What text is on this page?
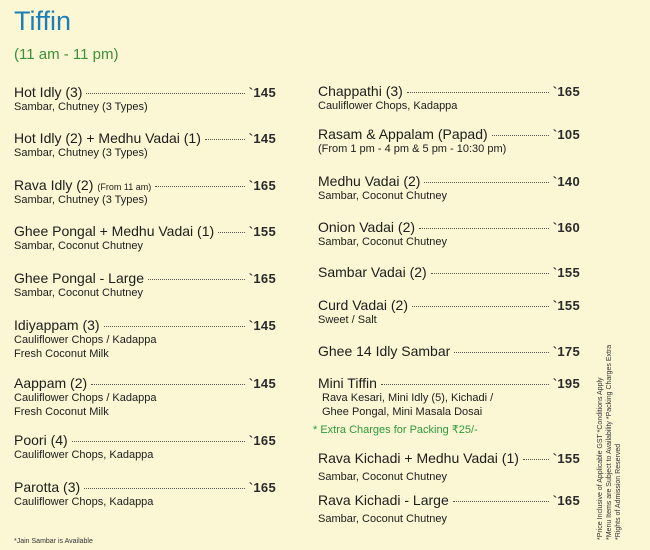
Tiffin
(11 am - 11 pm)
Hot Idly (3)	`145
Sambar, Chutney (3 Types)
Hot Idly (2) + Medhu Vadai (1)	`145
Sambar, Chutney (3 Types)
Rava Idly (2) (From 11 am)	`165
Sambar, Chutney (3 Types)
Ghee Pongal + Medhu Vadai (1)	`155
Sambar, Coconut Chutney
Ghee Pongal - Large	`165
Sambar, Coconut Chutney
Idiyappam (3)	`145
Cauliflower Chops / Kadappa
Fresh Coconut Milk
Aappam (2)	`145
Cauliflower Chops / Kadappa
Fresh Coconut Milk
Poori (4)	`165
Cauliflower Chops, Kadappa
Parotta (3)	`165
Cauliflower Chops, Kadappa
Chappathi (3)	`165
Cauliflower Chops, Kadappa
Rasam & Appalam (Papad)	`105
(From 1 pm - 4 pm & 5 pm - 10:30 pm)
Medhu Vadai (2)	`140
Sambar, Coconut Chutney
Onion Vadai (2)	`160
Sambar, Coconut Chutney
Sambar Vadai (2)	`155
Curd Vadai (2)	`155
Sweet / Salt
Ghee 14 Idly Sambar	`175
Mini Tiffin	`195
Rava Kesari, Mini Idly (5), Kichadi /
Ghee Pongal, Mini Masala Dosai
* Extra Charges for Packing ₹25/-
Rava Kichadi + Medhu Vadai (1)	`155
Sambar, Coconut Chutney
Rava Kichadi - Large	`165
Sambar, Coconut Chutney
*Jain Sambar is Available
*Price Inclusive of Applicable GST *Conditions Apply *Menu Items are Subject to Availability *Packing Charges Extra *Rights of Admission Reserved
